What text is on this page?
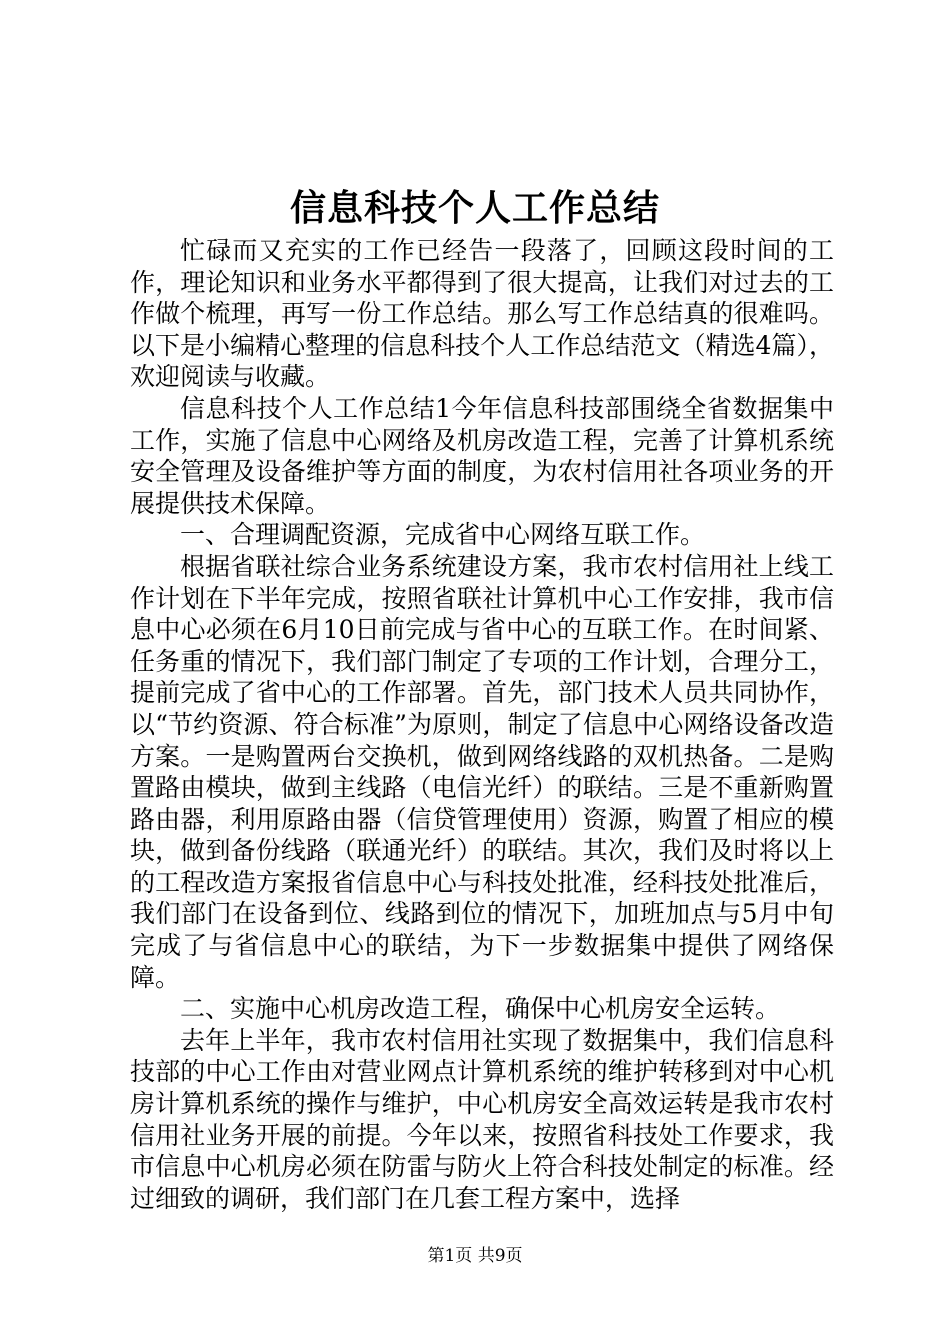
信息科技个人工作总结

忙碌而又充实的工作已经告一段落了，回顾这段时间的工作，理论知识和业务水平都得到了很大提高，让我们对过去的工作做个梳理，再写一份工作总结。那么写工作总结真的很难吗。以下是小编精心整理的信息科技个人工作总结范文（精选4篇），欢迎阅读与收藏。

信息科技个人工作总结1今年信息科技部围绕全省数据集中工作，实施了信息中心网络及机房改造工程，完善了计算机系统安全管理及设备维护等方面的制度，为农村信用社各项业务的开展提供技术保障。

一、合理调配资源，完成省中心网络互联工作。

根据省联社综合业务系统建设方案，我市农村信用社上线工作计划在下半年完成，按照省联社计算机中心工作安排，我市信息中心必须在6月10日前完成与省中心的互联工作。在时间紧、任务重的情况下，我们部门制定了专项的工作计划，合理分工，提前完成了省中心的工作部署。首先，部门技术人员共同协作，以“节约资源、符合标准”为原则，制定了信息中心网络设备改造方案。一是购置两台交换机，做到网络线路的双机热备。二是购置路由模块，做到主线路（电信光纤）的联结。三是不重新购置路由器，利用原路由器（信贷管理使用）资源，购置了相应的模块，做到备份线路（联通光纤）的联结。其次，我们及时将以上的工程改造方案报省信息中心与科技处批准，经科技处批准后，我们部门在设备到位、线路到位的情况下，加班加点与5月中旬完成了与省信息中心的联结，为下一步数据集中提供了网络保障。

二、实施中心机房改造工程，确保中心机房安全运转。

去年上半年，我市农村信用社实现了数据集中，我们信息科技部的中心工作由对营业网点计算机系统的维护转移到对中心机房计算机系统的操作与维护，中心机房安全高效运转是我市农村信用社业务开展的前提。今年以来，按照省科技处工作要求，我市信息中心机房必须在防雷与防火上符合科技处制定的标准。经过细致的调研，我们部门在几套工程方案中，选择

第1页 共9页
